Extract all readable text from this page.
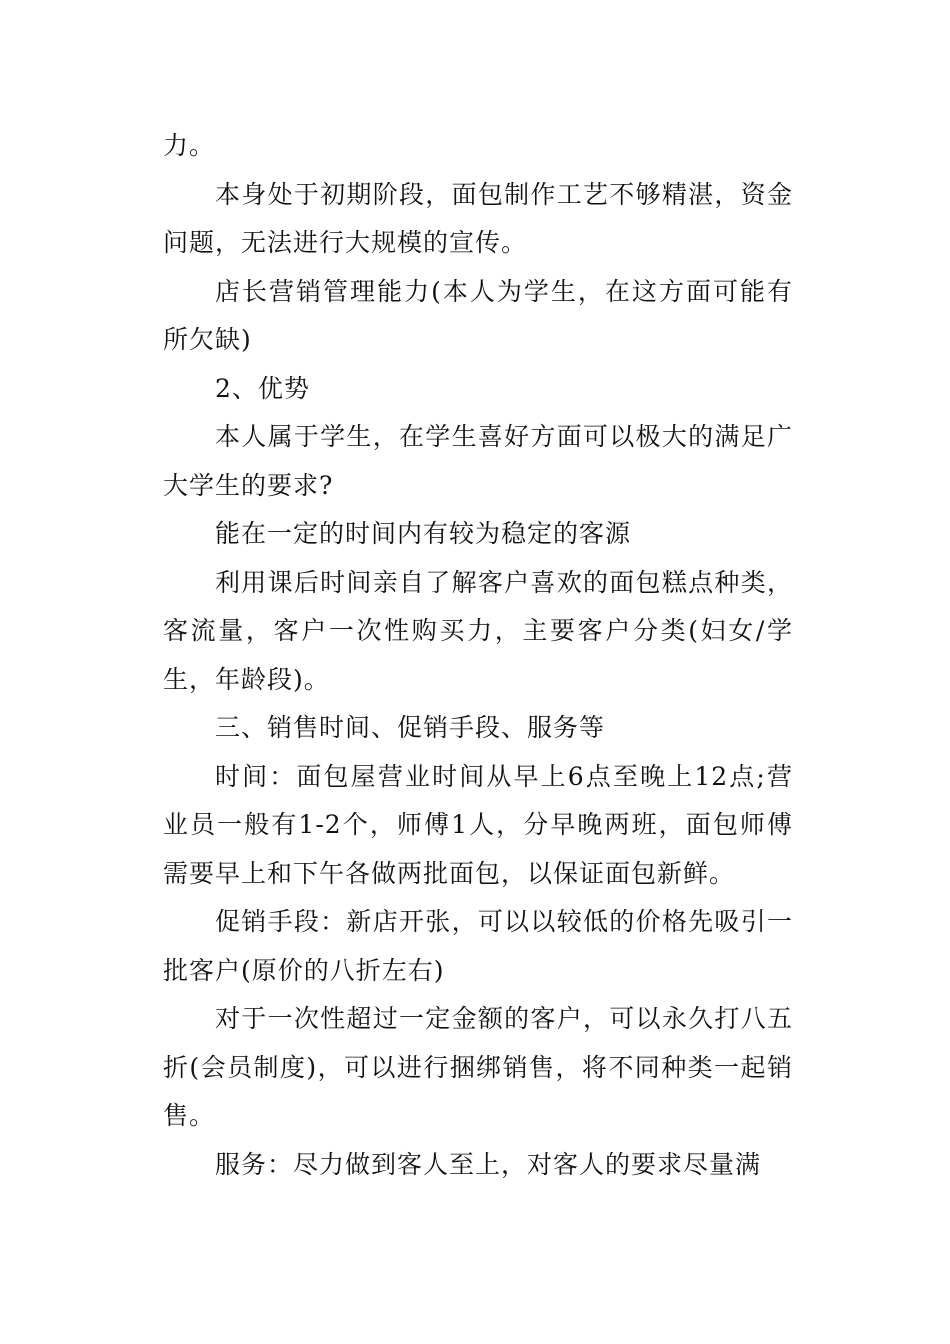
力。

本身处于初期阶段，面包制作工艺不够精湛，资金问题，无法进行大规模的宣传。

店长营销管理能力(本人为学生，在这方面可能有所欠缺)

2、优势

本人属于学生，在学生喜好方面可以极大的满足广大学生的要求?

能在一定的时间内有较为稳定的客源

利用课后时间亲自了解客户喜欢的面包糕点种类，客流量，客户一次性购买力，主要客户分类(妇女/学生，年龄段)。

三、销售时间、促销手段、服务等

时间：面包屋营业时间从早上6点至晚上12点;营业员一般有1-2个，师傅1人，分早晚两班，面包师傅需要早上和下午各做两批面包，以保证面包新鲜。

促销手段：新店开张，可以以较低的价格先吸引一批客户(原价的八折左右)

对于一次性超过一定金额的客户，可以永久打八五折(会员制度)，可以进行捆绑销售，将不同种类一起销售。

服务：尽力做到客人至上，对客人的要求尽量满
